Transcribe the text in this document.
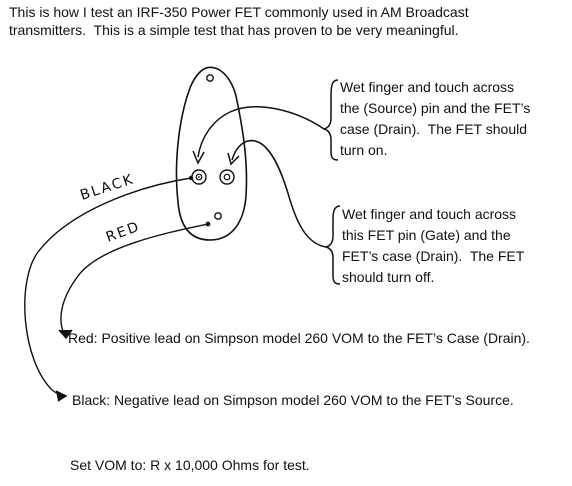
This is how I test an IRF-350 Power FET commonly used in AM Broadcast

transmitters.  This is a simple test that has proven to be very meaningful.

BLACK
RED

Wet finger and touch across

the (Source) pin and the FET’s

case (Drain).  The FET should

turn on.

Wet finger and touch across

this FET pin (Gate) and the

FET’s case (Drain).  The FET

should turn off.

Red: Positive lead on Simpson model 260 VOM to the FET’s Case (Drain).

Black: Negative lead on Simpson model 260 VOM to the FET’s Source.

Set VOM to: R x 10,000 Ohms for test.
